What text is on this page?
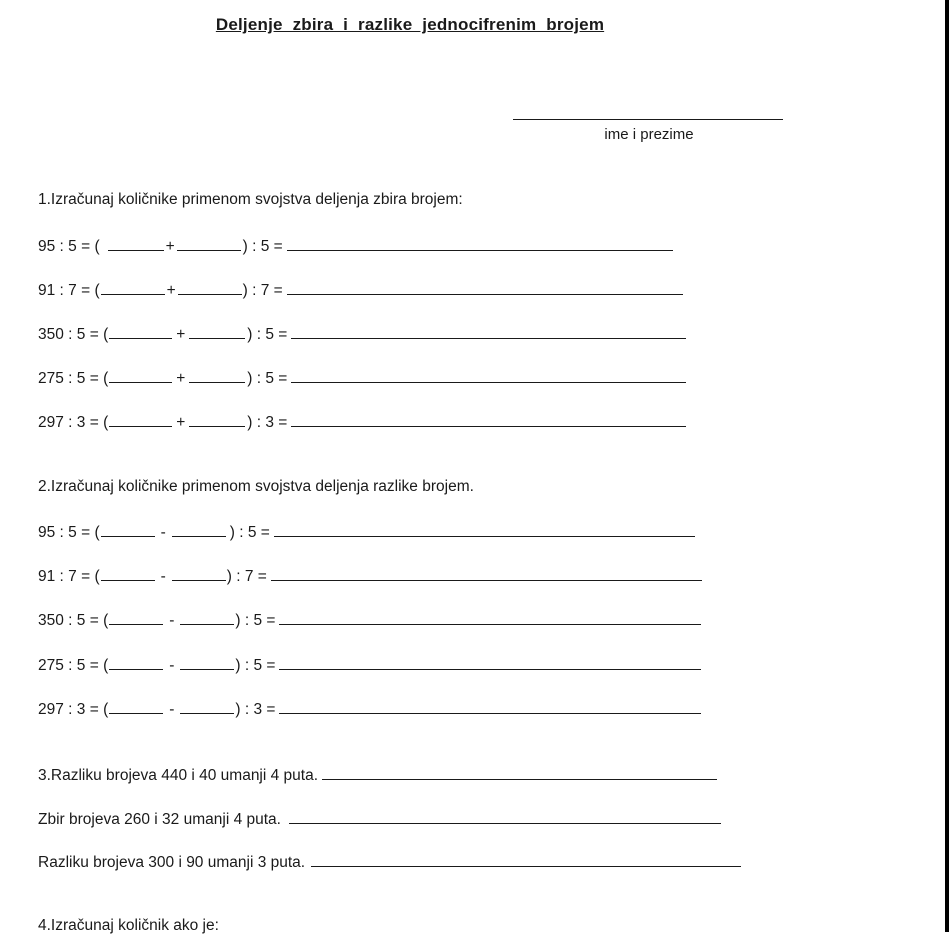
Deljenje zbira i razlike jednocifrenim brojem
ime i prezime
1.Izračunaj količnike primenom svojstva deljenja zbira brojem:
95 : 5 = (	+	) : 5 =
91 : 7 = (	+	) : 7 =
350 : 5 = (	+	) : 5 =
275 : 5 = (	+	) : 5 =
297 : 3 = (	+	) : 3 =
2.Izračunaj količnike primenom svojstva deljenja razlike brojem.
95 : 5 = (	-	) : 5 =
91 : 7 = (	-	) : 7 =
350 : 5 = (	-	) : 5 =
275 : 5 = (	-	) : 5 =
297 : 3 = (	-	) : 3 =
3.Razliku brojeva 440 i 40 umanji 4 puta.
Zbir brojeva 260 i 32 umanji 4 puta.
Razliku brojeva 300 i 90 umanji 3 puta.
4.Izračunaj količnik ako je:
